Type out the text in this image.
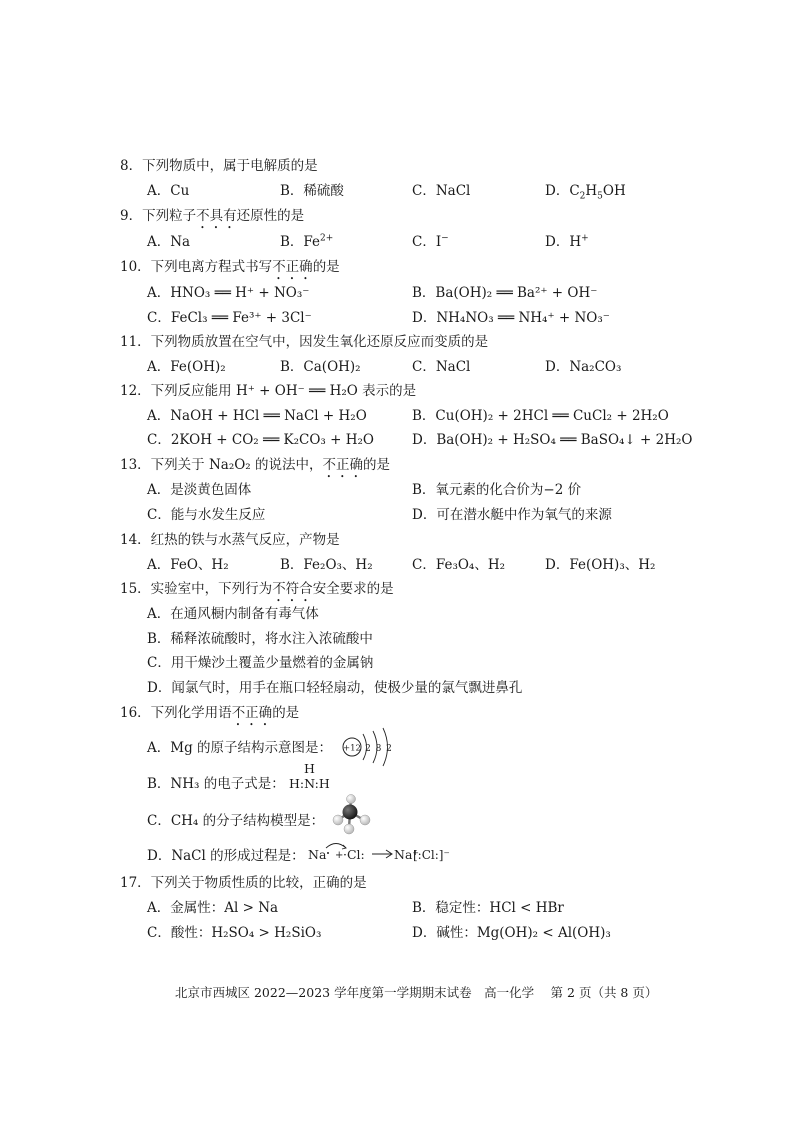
8．下列物质中，属于电解质的是
A．Cu	B．稀硫酸	C．NaCl	D．$C_2H_5OH$
9．下列粒子不具有还原性的是
A．Na	B．$Fe^{2+}$	C．I−	D．H+
10．下列电离方程式书写不正确的是
A．HNO₃ ══ H⁺ + NO₃⁻	B．Ba(OH)₂ ══ Ba²⁺ + OH⁻
C．FeCl₃ ══ Fe³⁺ + 3Cl⁻	D．NH₄NO₃ ══ NH₄⁺ + NO₃⁻
11．下列物质放置在空气中，因发生氧化还原反应而变质的是
A．Fe(OH)₂	B．Ca(OH)₂	C．NaCl	D．Na₂CO₃
12．下列反应能用 H⁺ + OH⁻ ══ H₂O 表示的是
A．NaOH + HCl ══ NaCl + H₂O	B．Cu(OH)₂ + 2HCl ══ CuCl₂ + 2H₂O
C．2KOH + CO₂ ══ K₂CO₃ + H₂O	D．Ba(OH)₂ + H₂SO₄ ══ BaSO₄↓ + 2H₂O
13．下列关于 Na₂O₂ 的说法中，不正确的是
A．是淡黄色固体	B．氧元素的化合价为−2 价
C．能与水发生反应	D．可在潜水艇中作为氧气的来源
14．红热的铁与水蒸气反应，产物是
A．FeO、H₂	B．Fe₂O₃、H₂	C．Fe₃O₄、H₂	D．Fe(OH)₃、H₂
15．实验室中，下列行为不符合安全要求的是
A．在通风橱内制备有毒气体
B．稀释浓硫酸时，将水注入浓硫酸中
C．用干燥沙土覆盖少量燃着的金属钠
D．闻氯气时，用手在瓶口轻轻扇动，使极少量的氯气飘进鼻孔
16．下列化学用语不正确的是
A．Mg 的原子结构示意图是： +12 2 8 2
B．NH₃ 的电子式是：
H
H:N:H
C．CH₄ 的分子结构模型是：
D．NaCl 的形成过程是： Na + ·Cl: Na⁺
[:Cl:]⁻
17．下列关于物质性质的比较，正确的是
A．金属性：Al > Na	B．稳定性：HCl < HBr
C．酸性：H₂SO₄ > H₂SiO₃	D．碱性：Mg(OH)₂ < Al(OH)₃
北京市西城区 2022—2023 学年度第一学期期末试卷　高一化学　 第 2 页（共 8 页）
